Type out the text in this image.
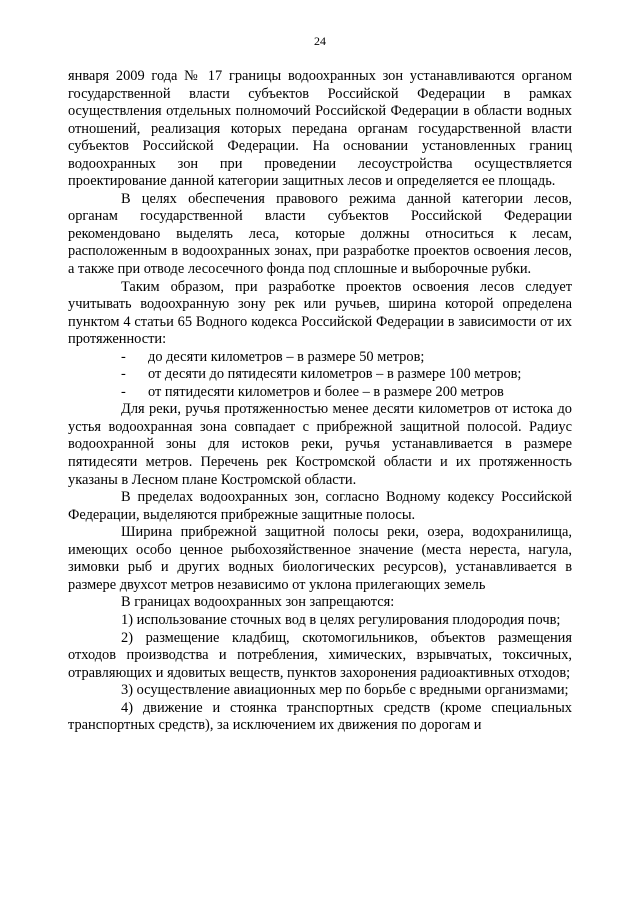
24

января 2009 года № 17 границы водоохранных зон устанавливаются органом государственной власти субъектов Российской Федерации в рамках осуществления отдельных полномочий Российской Федерации в области водных отношений, реализация которых передана органам государственной власти субъектов Российской Федерации. На основании установленных границ водоохранных зон при проведении лесоустройства осуществляется проектирование данной категории защитных лесов и определяется ее площадь.

В целях обеспечения правового режима данной категории лесов, органам государственной власти субъектов Российской Федерации рекомендовано выделять леса, которые должны относиться к лесам, расположенным в водоохранных зонах, при разработке проектов освоения лесов, а также при отводе лесосечного фонда под сплошные и выборочные рубки.

Таким образом, при разработке проектов освоения лесов следует учитывать водоохранную зону рек или ручьев, ширина которой определена пунктом 4 статьи 65 Водного кодекса Российской Федерации в зависимости от их протяженности:

- до десяти километров – в размере 50 метров;

- от десяти до пятидесяти километров – в размере 100 метров;

- от пятидесяти километров и более – в размере 200 метров

Для реки, ручья протяженностью менее десяти километров от истока до устья водоохранная зона совпадает с прибрежной защитной полосой. Радиус водоохранной зоны для истоков реки, ручья устанавливается в размере пятидесяти метров. Перечень рек Костромской области и их протяженность указаны в Лесном плане Костромской области.

В пределах водоохранных зон, согласно Водному кодексу Российской Федерации, выделяются прибрежные защитные полосы.

Ширина прибрежной защитной полосы реки, озера, водохранилища, имеющих особо ценное рыбохозяйственное значение (места нереста, нагула, зимовки рыб и других водных биологических ресурсов), устанавливается в размере двухсот метров независимо от уклона прилегающих земель

В границах водоохранных зон запрещаются:

1) использование сточных вод в целях регулирования плодородия почв;

2) размещение кладбищ, скотомогильников, объектов размещения отходов производства и потребления, химических, взрывчатых, токсичных, отравляющих и ядовитых веществ, пунктов захоронения радиоактивных отходов;

3) осуществление авиационных мер по борьбе с вредными организмами;

4) движение и стоянка транспортных средств (кроме специальных транспортных средств), за исключением их движения по дорогам и
